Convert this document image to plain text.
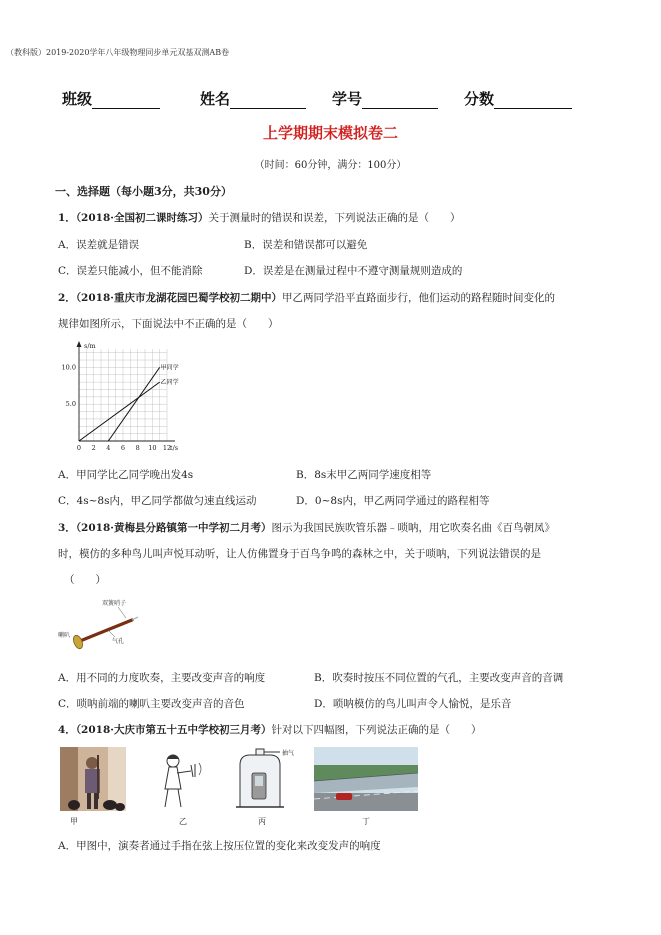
（教科版）2019-2020学年八年级物理同步单元双基双测AB卷
班级	姓名	学号	分数
上学期期末模拟卷二
（时间：60分钟，满分：100分）
一、选择题（每小题3分，共30分）
1．（2018·全国初二课时练习）关于测量时的错误和误差，下列说法正确的是（　　）
A．误差就是错误	B．误差和错误都可以避免
C．误差只能减小，但不能消除	D．误差是在测量过程中不遵守测量规则造成的
2．（2018·重庆市龙湖花园巴蜀学校初二期中）甲乙两同学沿平直路面步行，他们运动的路程随时间变化的
规律如图所示，下面说法中不正确的是（　　）
s/m
t/s
0 2 4 6 8 10 12
5.0
10.0	甲同学
乙同学
A．甲同学比乙同学晚出发4s	B．8s末甲乙两同学速度相等
C．4s~8s内，甲乙同学都做匀速直线运动	D．0~8s内，甲乙两同学通过的路程相等
3．（2018·黄梅县分路镇第一中学初二月考）图示为我国民族吹管乐器﹣唢呐，用它吹奏名曲《百鸟朝凤》
时，模仿的多种鸟儿叫声悦耳动听，让人仿佛置身于百鸟争鸣的森林之中，关于唢呐，下列说法错误的是
（　　）
双簧哨子
喇叭
气孔
A．用不同的力度吹奏，主要改变声音的响度	B．吹奏时按压不同位置的气孔，主要改变声音的音调
C．唢呐前端的喇叭主要改变声音的音色	D．唢呐模仿的鸟儿叫声令人愉悦，是乐音
4．（2018·大庆市第五十五中学校初三月考）针对以下四幅图，下列说法正确的是（　　）
甲	乙
抽气
丙	丁
A．甲图中，演奏者通过手指在弦上按压位置的变化来改变发声的响度
